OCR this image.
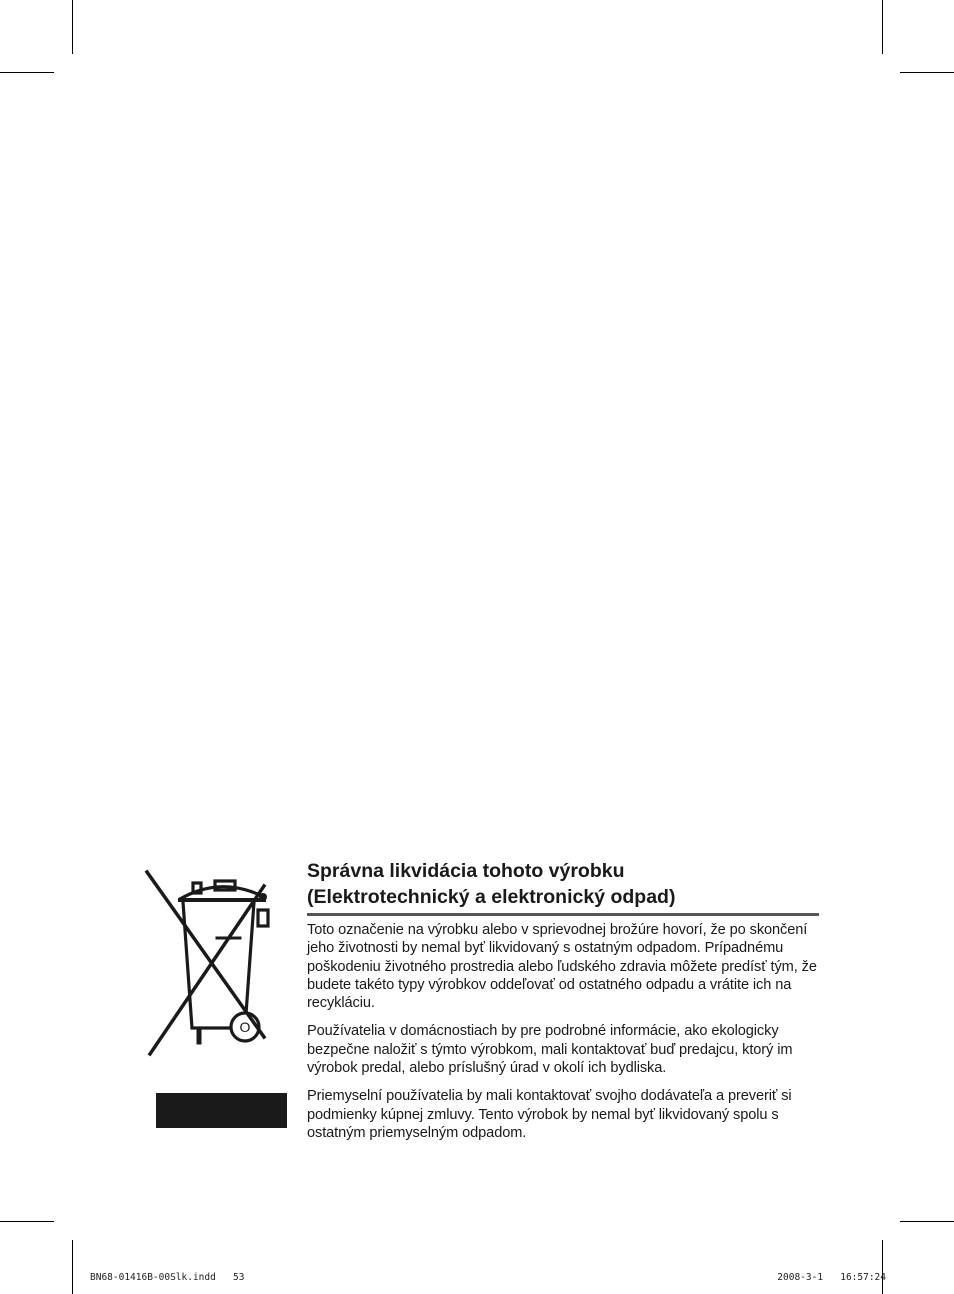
O
Správna likvidácia tohoto výrobku
(Elektrotechnický a elektronický odpad)

Toto označenie na výrobku alebo v sprievodnej brožúre hovorí, že po skončení jeho životnosti by nemal byť likvidovaný s ostatným odpadom. Prípadnému poškodeniu životného prostredia alebo ľudského zdravia môžete predísť tým, že budete takéto typy výrobkov oddeľovať od ostatného odpadu a vrátite ich na recykláciu.

Používatelia v domácnostiach by pre podrobné informácie, ako ekologicky bezpečne naložiť s týmto výrobkom, mali kontaktovať buď predajcu, ktorý im výrobok predal, alebo príslušný úrad v okolí ich bydliska.

Priemyselní používatelia by mali kontaktovať svojho dodávateľa a preveriť si podmienky kúpnej zmluvy. Tento výrobok by nemal byť likvidovaný spolu s ostatným priemyselným odpadom.

BN68-01416B-00Slk.indd 53	2008-3-1 16:57:24
